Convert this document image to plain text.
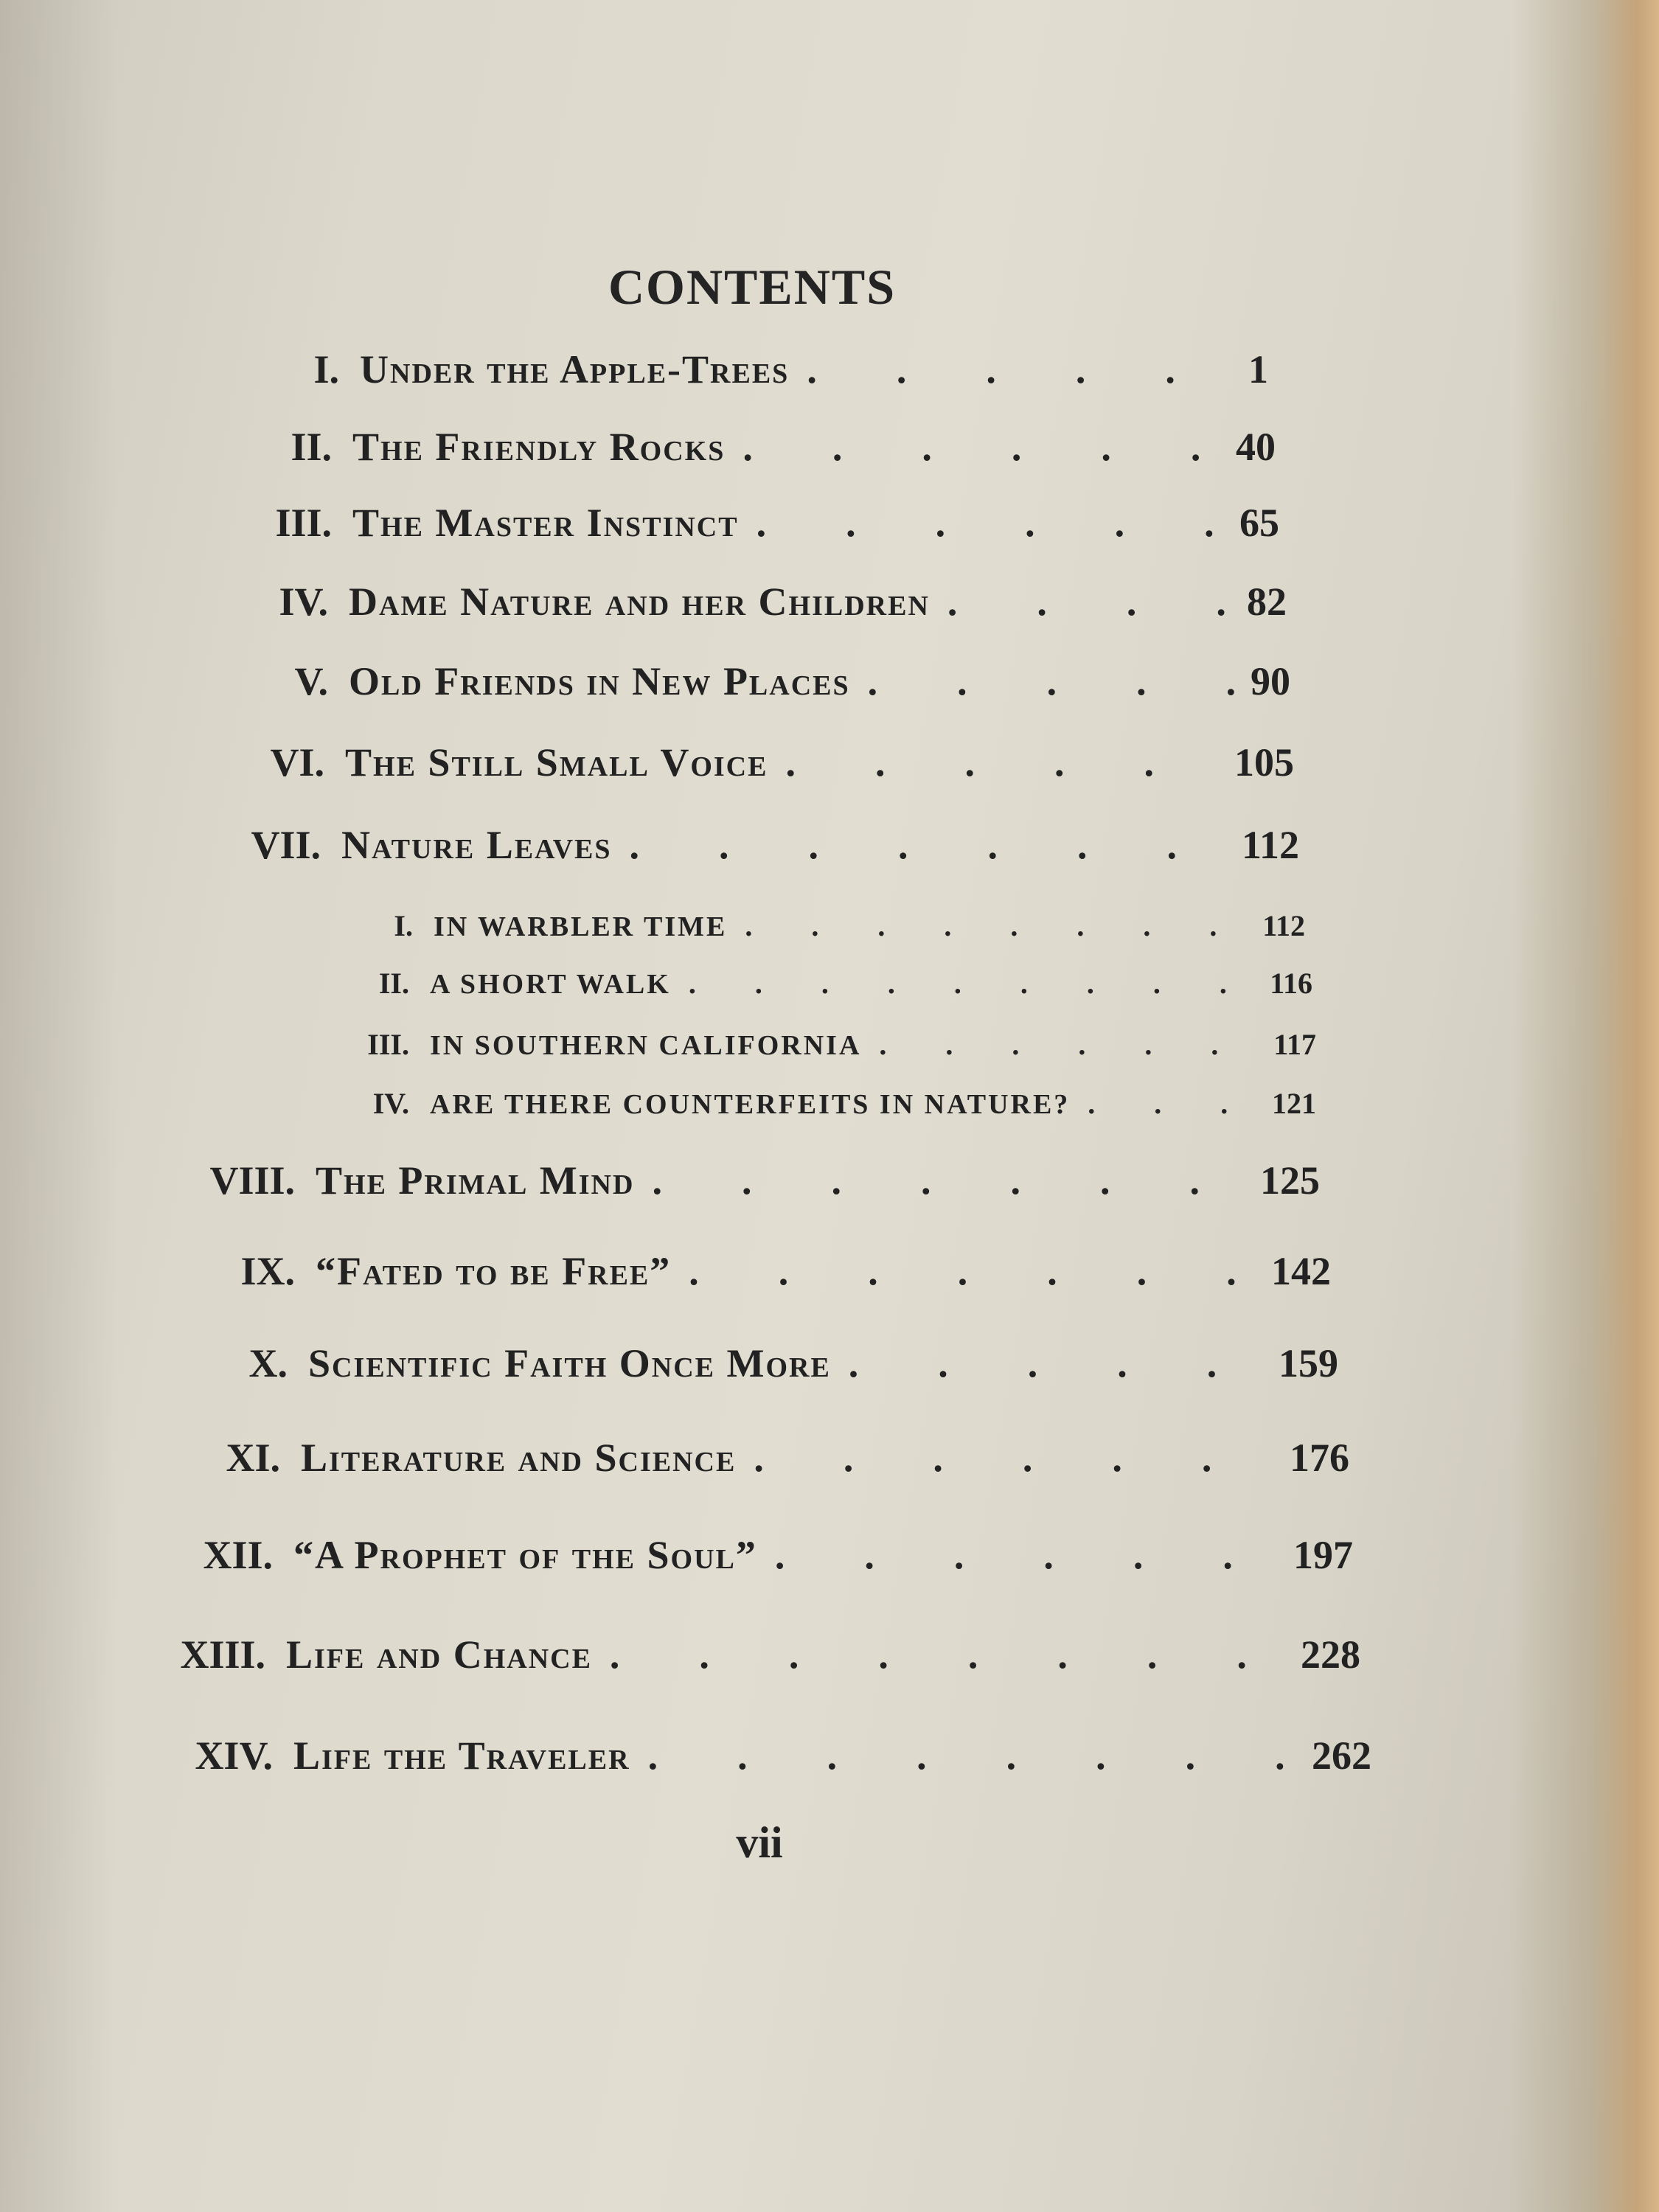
CONTENTS
I. Under the Apple-Trees .	1
II. The Friendly Rocks .	40
III. The Master Instinct .	65
IV. Dame Nature and her Children .	82
V. Old Friends in New Places .	90
VI. The Still Small Voice .	105
VII. Nature Leaves .	112
I. IN WARBLER TIME .	112
II. A SHORT WALK .	116
III. IN SOUTHERN CALIFORNIA .	117
IV. ARE THERE COUNTERFEITS IN NATURE? .	121
VIII. The Primal Mind .	125
IX. “Fated to be Free” .	142
X. Scientific Faith Once More .	159
XI. Literature and Science .	176
XII. “A Prophet of the Soul” .	197
XIII. Life and Chance .	228
XIV. Life the Traveler .	262
vii
